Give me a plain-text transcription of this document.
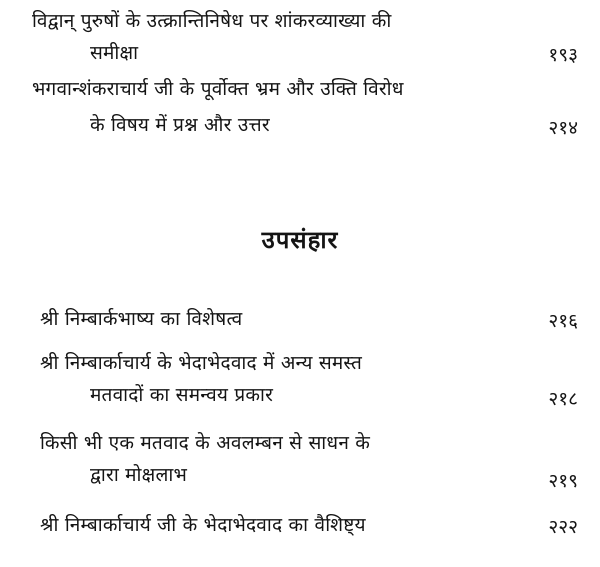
विद्वान् पुरुषों के उत्क्रान्तिनिषेध पर शांकरव्याख्या की
समीक्षा	१९३
भगवान्शंकराचार्य जी के पूर्वोक्त भ्रम और उक्ति विरोध
के विषय में प्रश्न और उत्तर	२१४
उपसंहार
श्री निम्बार्कभाष्य का विशेषत्व	२१६
श्री निम्बार्काचार्य के भेदाभेदवाद में अन्य समस्त
मतवादों का समन्वय प्रकार	२१८
किसी भी एक मतवाद के अवलम्बन से साधन के
द्वारा मोक्षलाभ	२१९
श्री निम्बार्काचार्य जी के भेदाभेदवाद का वैशिष्ट्य	२२२
